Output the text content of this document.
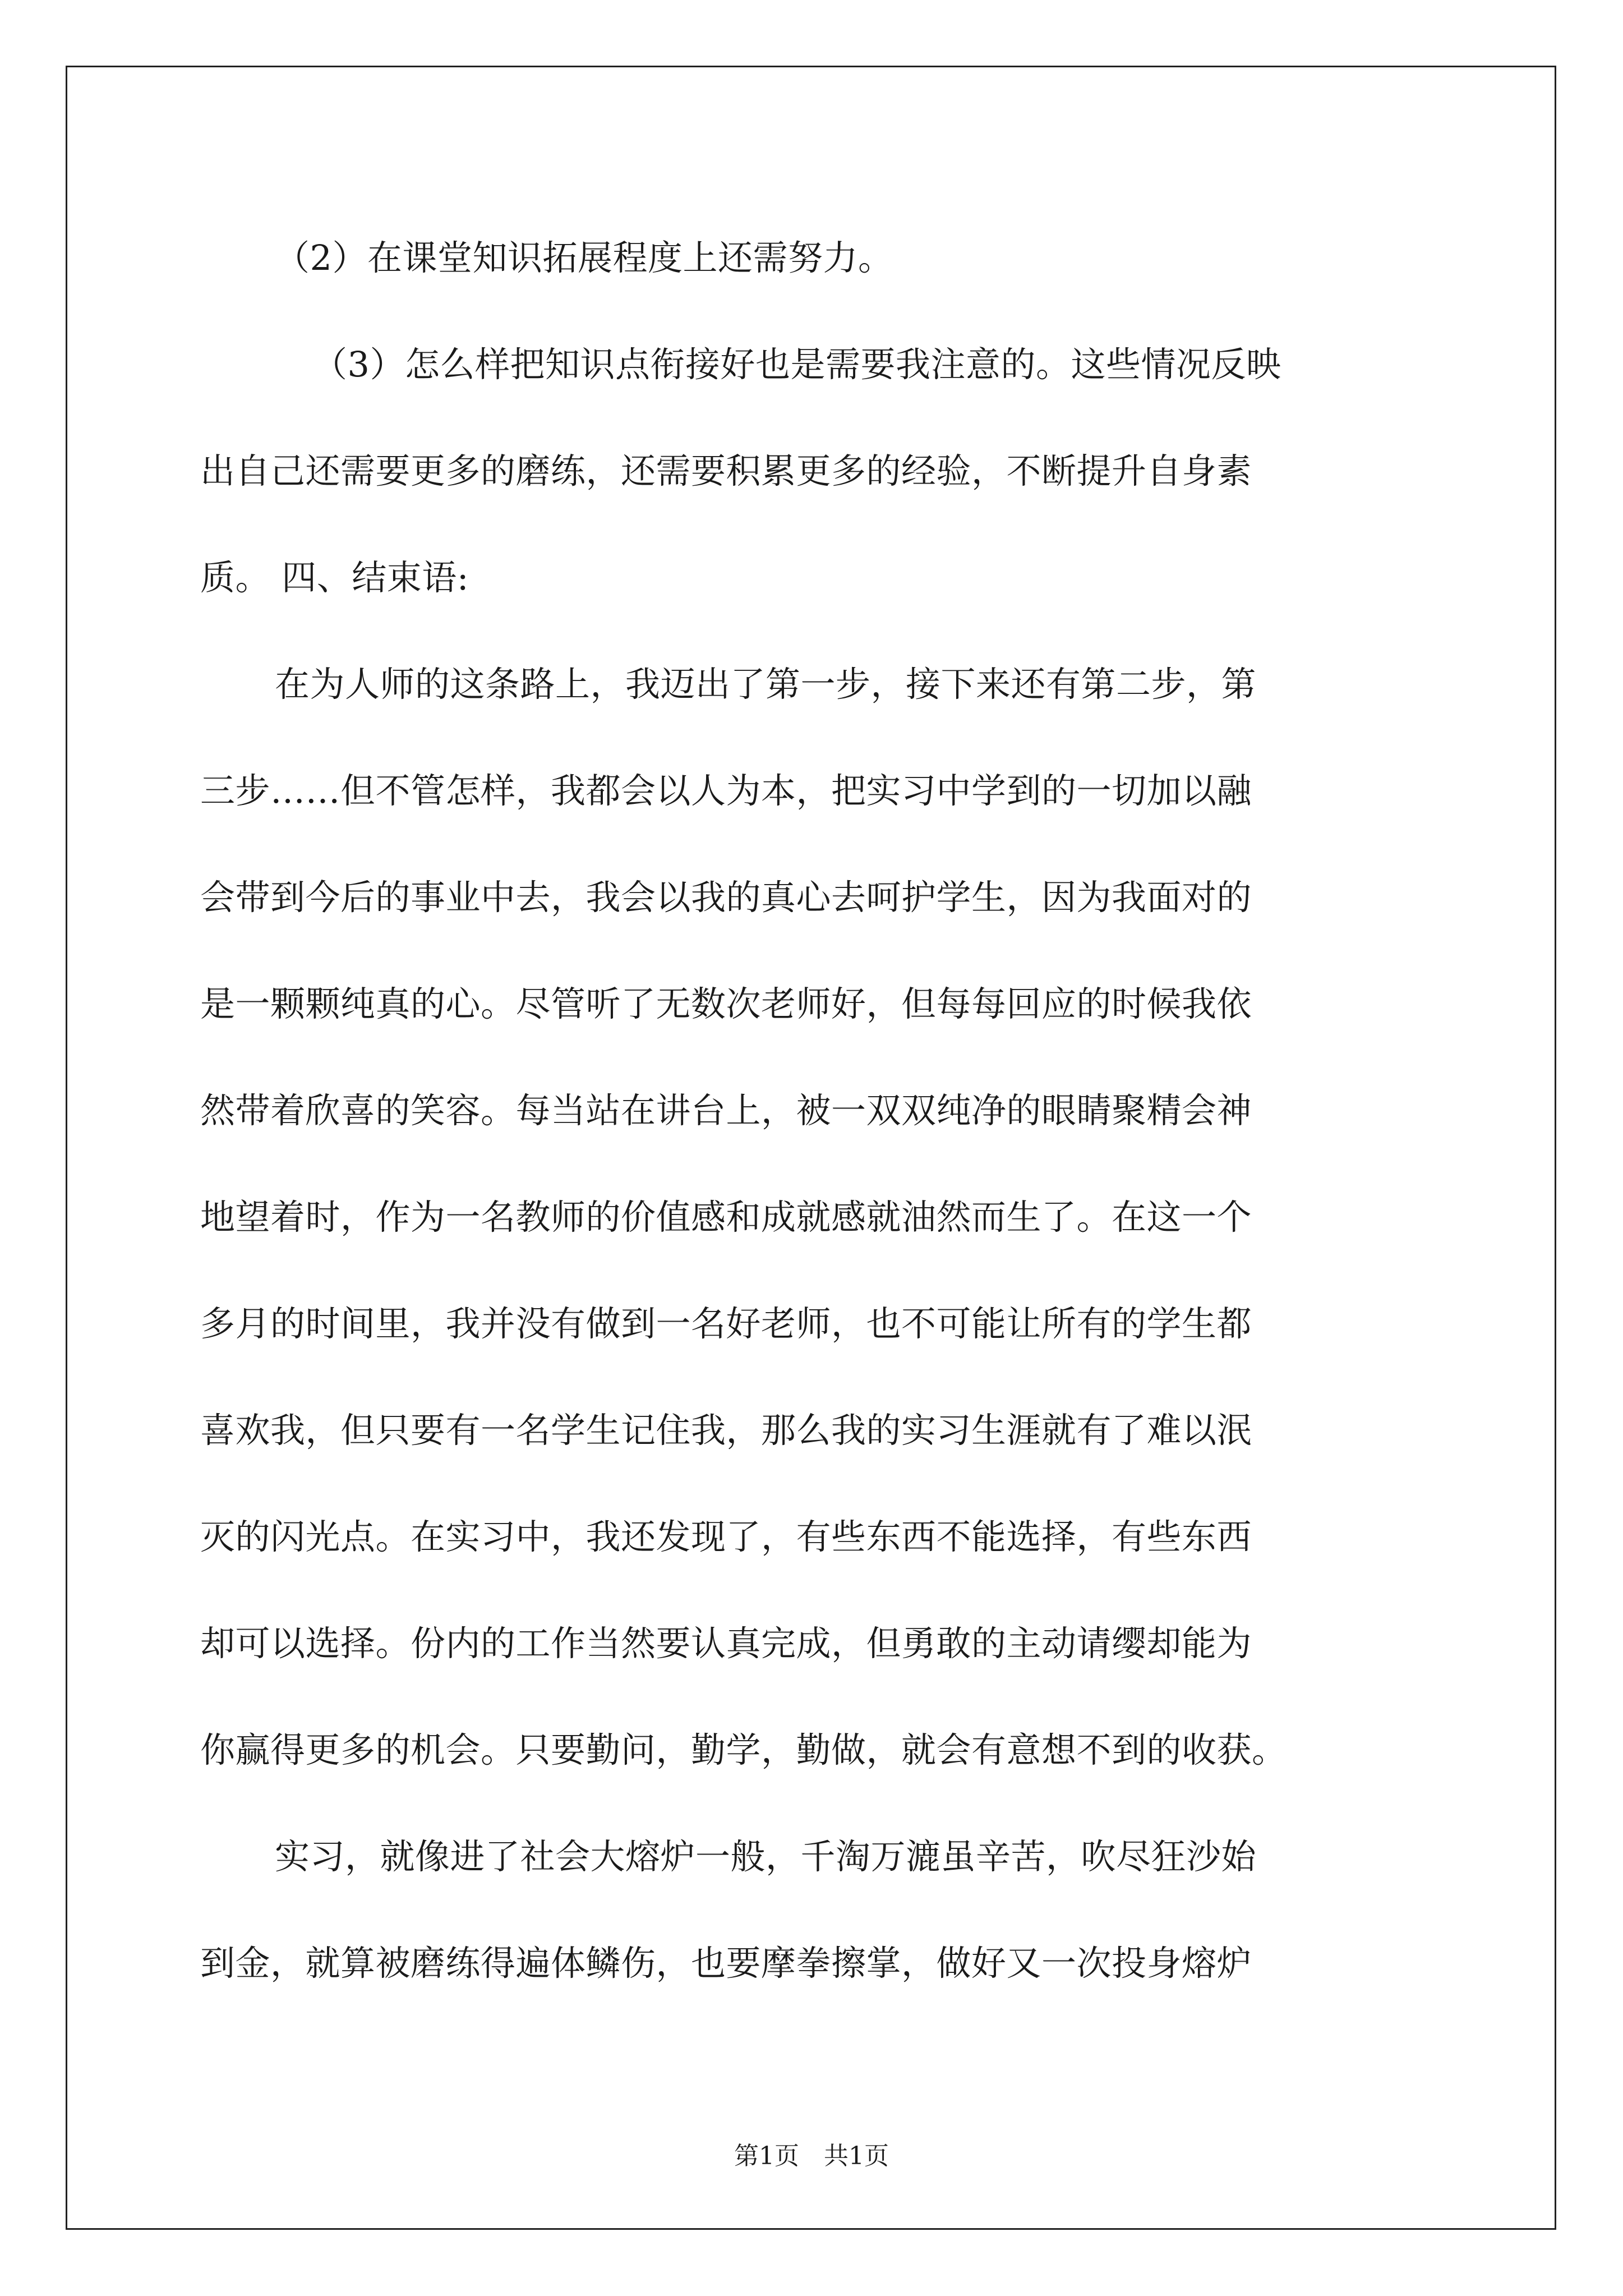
（2）在课堂知识拓展程度上还需努力。
（3）怎么样把知识点衔接好也是需要我注意的。这些情况反映
出自己还需要更多的磨练，还需要积累更多的经验，不断提升自身素
质。 四、结束语:
在为人师的这条路上，我迈出了第一步，接下来还有第二步，第
三步……但不管怎样，我都会以人为本，把实习中学到的一切加以融
会带到今后的事业中去，我会以我的真心去呵护学生，因为我面对的
是一颗颗纯真的心。尽管听了无数次老师好，但每每回应的时候我依
然带着欣喜的笑容。每当站在讲台上，被一双双纯净的眼睛聚精会神
地望着时，作为一名教师的价值感和成就感就油然而生了。在这一个
多月的时间里，我并没有做到一名好老师，也不可能让所有的学生都
喜欢我，但只要有一名学生记住我，那么我的实习生涯就有了难以泯
灭的闪光点。在实习中，我还发现了，有些东西不能选择，有些东西
却可以选择。份内的工作当然要认真完成，但勇敢的主动请缨却能为
你赢得更多的机会。只要勤问，勤学，勤做，就会有意想不到的收获。
实习，就像进了社会大熔炉一般，千淘万漉虽辛苦，吹尽狂沙始
到金，就算被磨练得遍体鳞伤，也要摩拳擦掌，做好又一次投身熔炉
第1页　共1页
